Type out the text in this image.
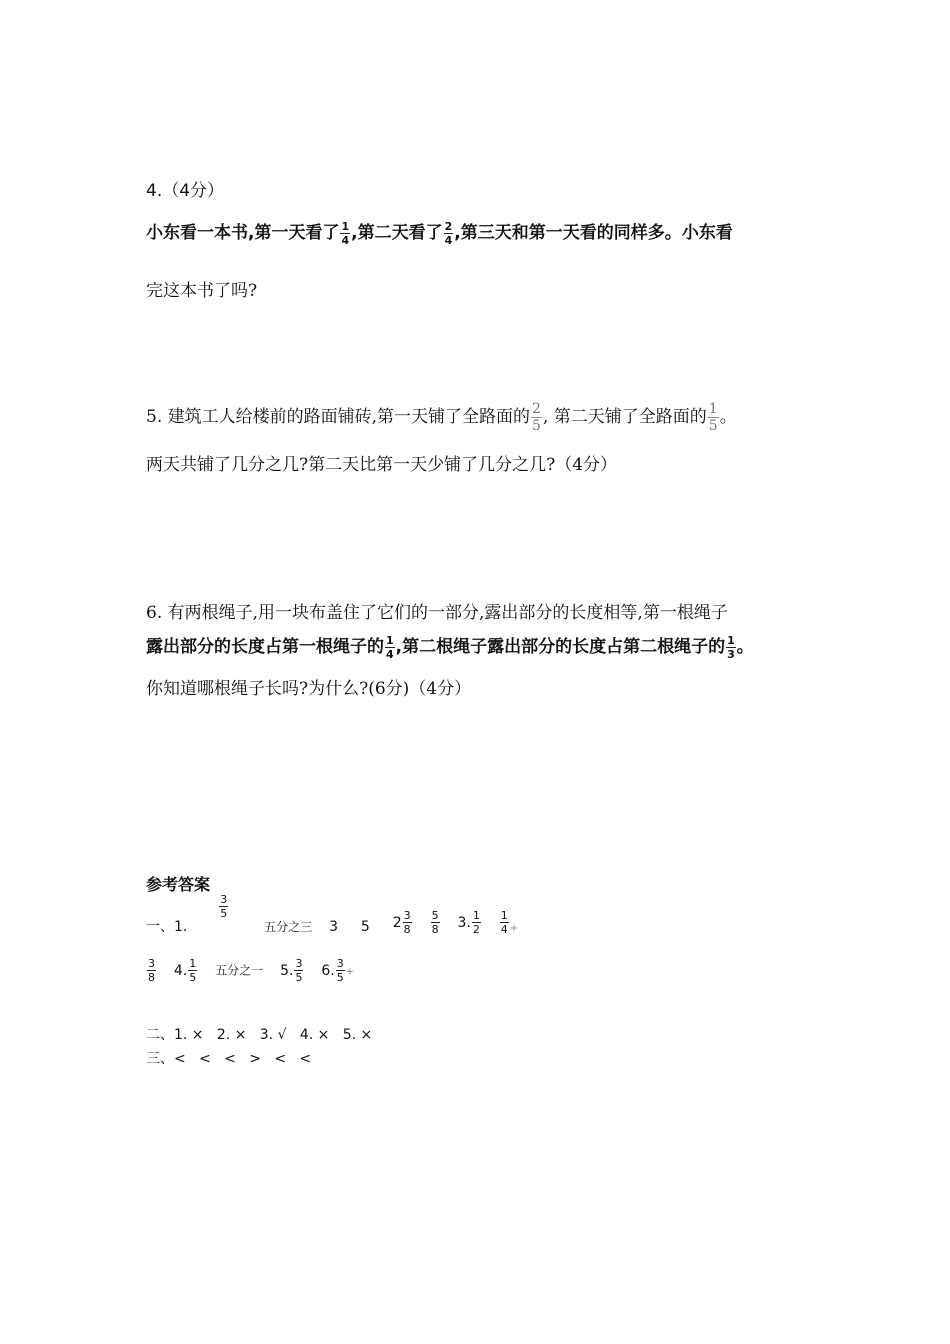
4.（4分）
小东看一本书,第一天看了 $\frac{1}{4}$ ,第二天看了 $\frac{2}{4}$ ,第三天和第一天看的同样多。小东看
完这本书了吗?
5. 建筑工人给楼前的路面铺砖,第一天铺了全路面的 $\frac{2}{5}$ , 第二天铺了全路面的 $\frac{1}{5}$ 。
两天共铺了几分之几?第二天比第一天少铺了几分之几?（4分）
6. 有两根绳子,用一块布盖住了它们的一部分,露出部分的长度相等,第一根绳子
露出部分的长度占第一根绳子的 $\frac{1}{4}$ ,第二根绳子露出部分的长度占第二根绳子的 $\frac{1}{3}$ 。
你知道哪根绳子长吗?为什么?(6分)（4分）
参考答案
一、1.
$\frac{3}{5}$
五分之三 3 5 $2 \frac{3}{8}$
$\frac{5}{8} 3$. $\frac{1}{2}$
$\frac{1}{4} _+$
$\frac{3}{8} 4$. $\frac{1}{5}$ 五分之一 5. $\frac{3}{5} 6$. $\frac{3}{5}$ +
二、1. ×   2. ×   3. √   4. ×   5. ×
三、<   <   <   >   <   <
